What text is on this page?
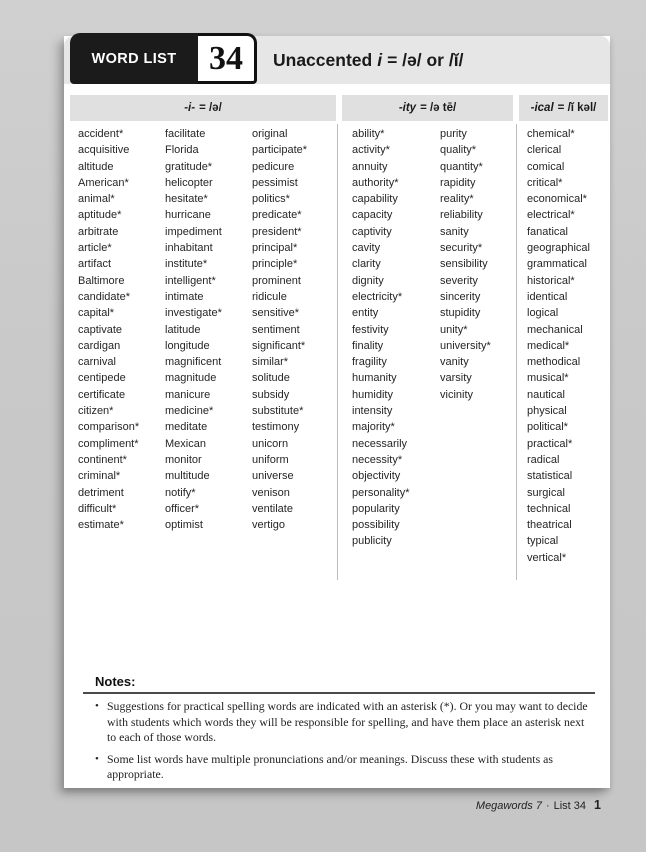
WORD LIST 34	Unaccented i = /ə/ or /ĭ/
-i- = /ə/	-ity = /ə tē/	-ical = /ĭ kəl/
accident*
acquisitive
altitude
American*
animal*
aptitude*
arbitrate
article*
artifact
Baltimore
candidate*
capital*
captivate
cardigan
carnival
centipede
certificate
citizen*
comparison*
compliment*
continent*
criminal*
detriment
difficult*
estimate*
facilitate
Florida
gratitude*
helicopter
hesitate*
hurricane
impediment
inhabitant
institute*
intelligent*
intimate
investigate*
latitude
longitude
magnificent
magnitude
manicure
medicine*
meditate
Mexican
monitor
multitude
notify*
officer*
optimist
original
participate*
pedicure
pessimist
politics*
predicate*
president*
principal*
principle*
prominent
ridicule
sensitive*
sentiment
significant*
similar*
solitude
subsidy
substitute*
testimony
unicorn
uniform
universe
venison
ventilate
vertigo
ability*
activity*
annuity
authority*
capability
capacity
captivity
cavity
clarity
dignity
electricity*
entity
festivity
finality
fragility
humanity
humidity
intensity
majority*
necessarily
necessity*
objectivity
personality*
popularity
possibility
publicity
purity
quality*
quantity*
rapidity
reality*
reliability
sanity
security*
sensibility
severity
sincerity
stupidity
unity*
university*
vanity
varsity
vicinity
chemical*
clerical
comical
critical*
economical*
electrical*
fanatical
geographical
grammatical
historical*
identical
logical
mechanical
medical*
methodical
musical*
nautical
physical
political*
practical*
radical
statistical
surgical
technical
theatrical
typical
vertical*
Notes:
• Suggestions for practical spelling words are indicated with an asterisk (*). Or you may want to decide with students which words they will be responsible for spelling, and have them place an asterisk next to each of those words.
• Some list words have multiple pronunciations and/or meanings. Discuss these with students as appropriate.
Megawords 7 · List 34 1
